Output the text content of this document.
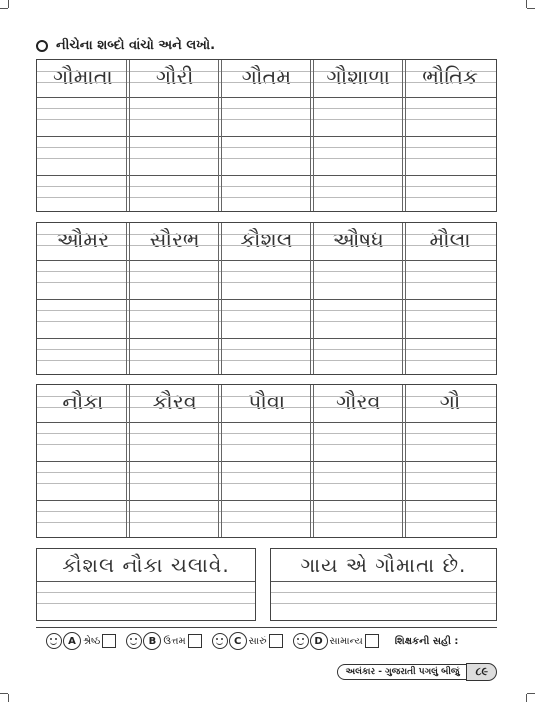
નીચેના શબ્દો વાંચો અને લખો.
ગૌમાતા	ગૌરી	ગૌતમ	ગૌશાળા	ભૌતિક
ઔમર	સૌરભ	કૌશલ	ઔષધ	મૌલા
નૌકા	કૌરવ	પૌવા	ગૌરવ	ગૌ
કૌશલ નૌકા ચલાવે.	ગાય એ ગૌમાતા છે.
A શ્રેષ્ઠ	B ઉત્તમ	C સારું	D સામાન્ય	શિક્ષકની સહી :
અલંકાર - ગુજરાતી પગલું બીજું	૮૯
